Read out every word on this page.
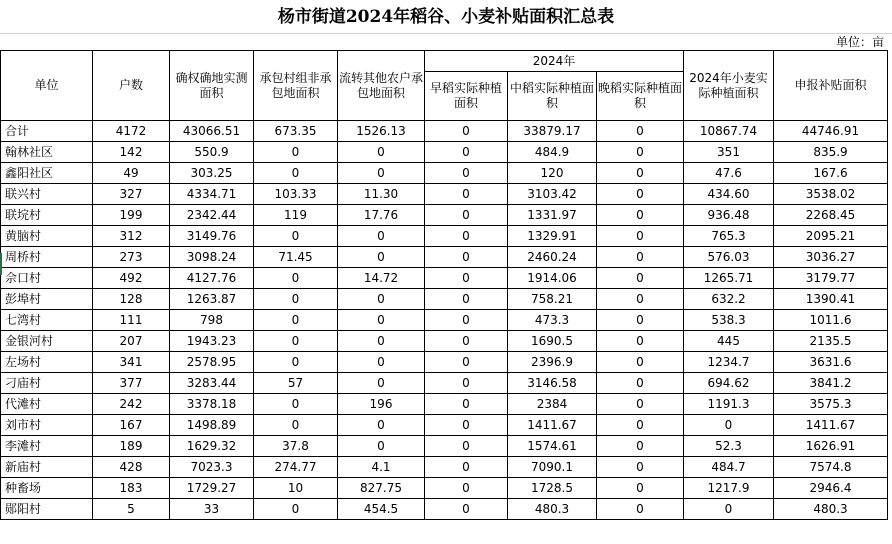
杨市街道2024年稻谷、小麦补贴面积汇总表
单位：亩
单位	户数	确权确地实测面积	承包村组非承包地面积	流转其他农户承包地面积	2024年			2024年小麦实际种植面积	申报补贴面积
					早稻实际种植面积	中稻实际种植面积	晚稻实际种植面积		
合计	4172	43066.51	673.35	1526.13	0	33879.17	0	10867.74	44746.91
翰林社区	142	550.9	0	0	0	484.9	0	351	835.9
鑫阳社区	49	303.25	0	0	0	120	0	47.6	167.6
联兴村	327	4334.71	103.33	11.30	0	3103.42	0	434.60	3538.02
联垸村	199	2342.44	119	17.76	0	1331.97	0	936.48	2268.45
黄脑村	312	3149.76	0	0	0	1329.91	0	765.3	2095.21
周桥村	273	3098.24	71.45	0	0	2460.24	0	576.03	3036.27
佘口村	492	4127.76	0	14.72	0	1914.06	0	1265.71	3179.77
彭埠村	128	1263.87	0	0	0	758.21	0	632.2	1390.41
七湾村	111	798	0	0	0	473.3	0	538.3	1011.6
金银河村	207	1943.23	0	0	0	1690.5	0	445	2135.5
左场村	341	2578.95	0	0	0	2396.9	0	1234.7	3631.6
刁庙村	377	3283.44	57	0	0	3146.58	0	694.62	3841.2
代滩村	242	3378.18	0	196	0	2384	0	1191.3	3575.3
刘市村	167	1498.89	0	0	0	1411.67	0	0	1411.67
李滩村	189	1629.32	37.8	0	0	1574.61	0	52.3	1626.91
新庙村	428	7023.3	274.77	4.1	0	7090.1	0	484.7	7574.8
种畜场	183	1729.27	10	827.75	0	1728.5	0	1217.9	2946.4
郧阳村	5	33	0	454.5	0	480.3	0	0	480.3
